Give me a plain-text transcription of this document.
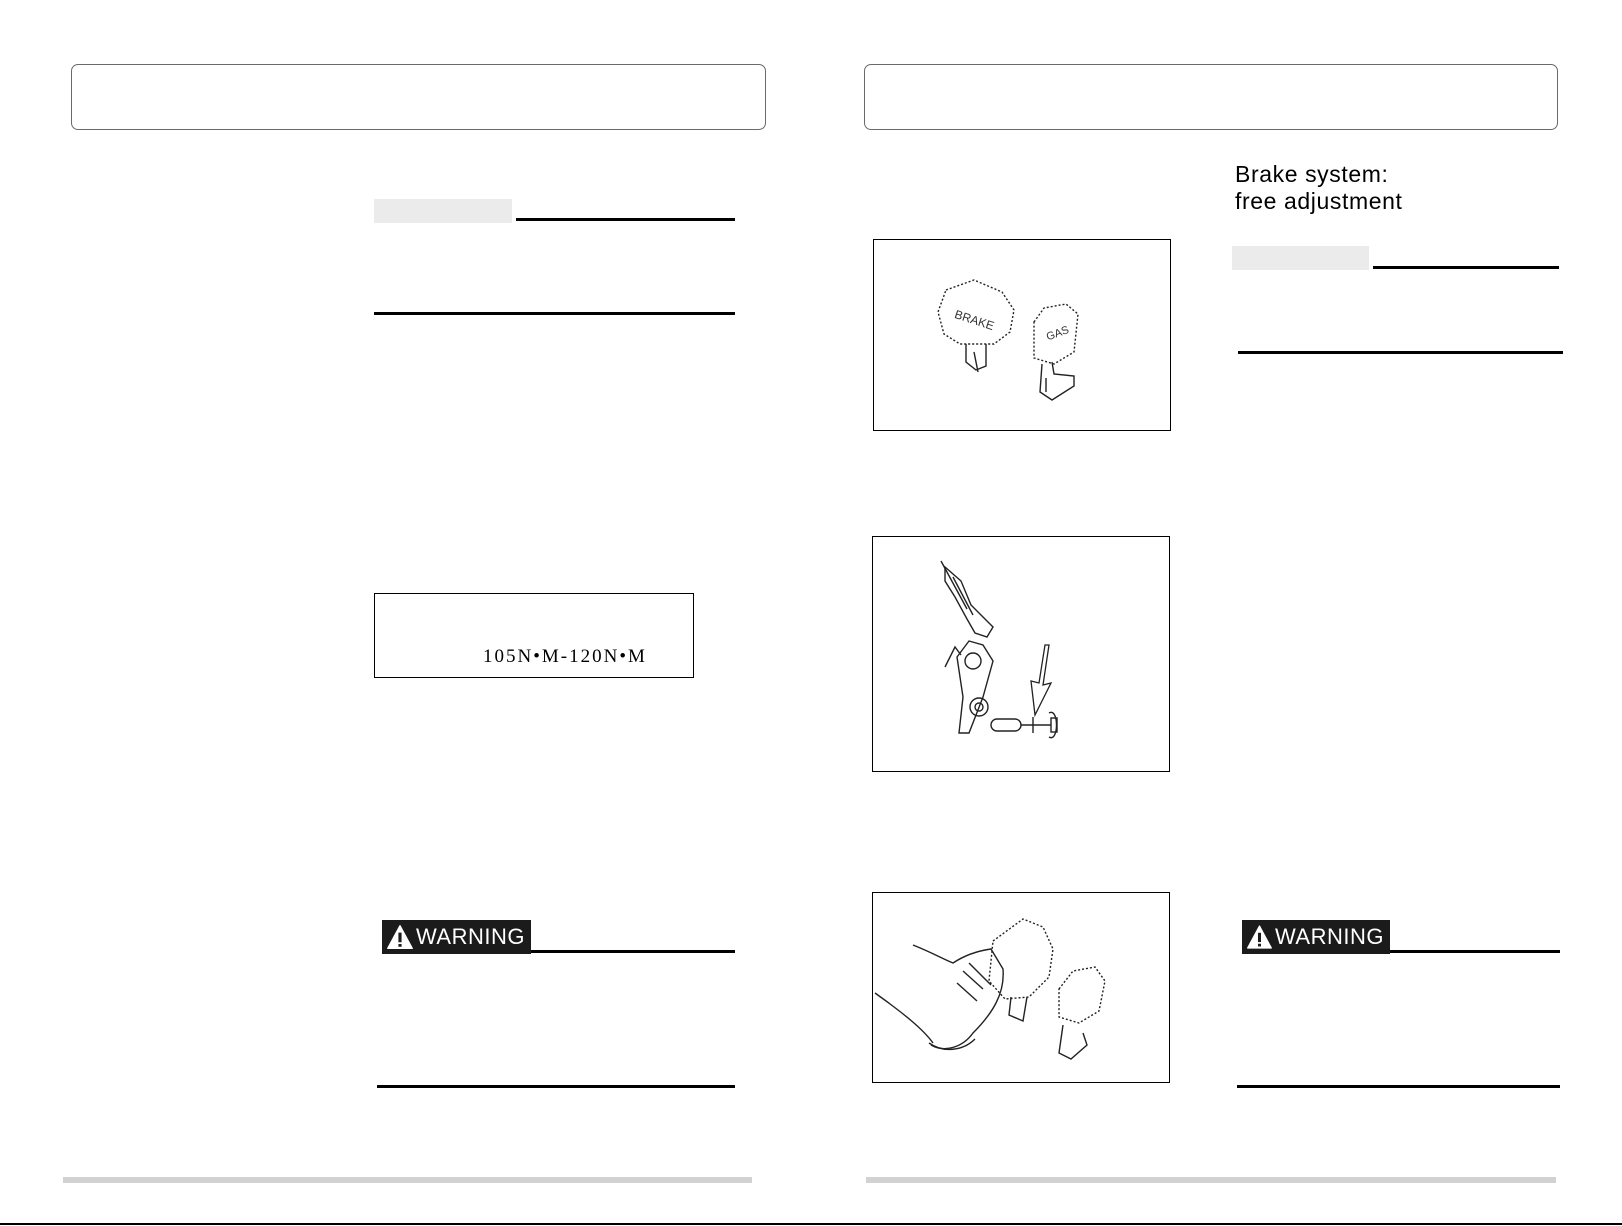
105N•M-120N•M
WARNING
Brake system:
free adjustment
BRAKE
GAS
WARNING
